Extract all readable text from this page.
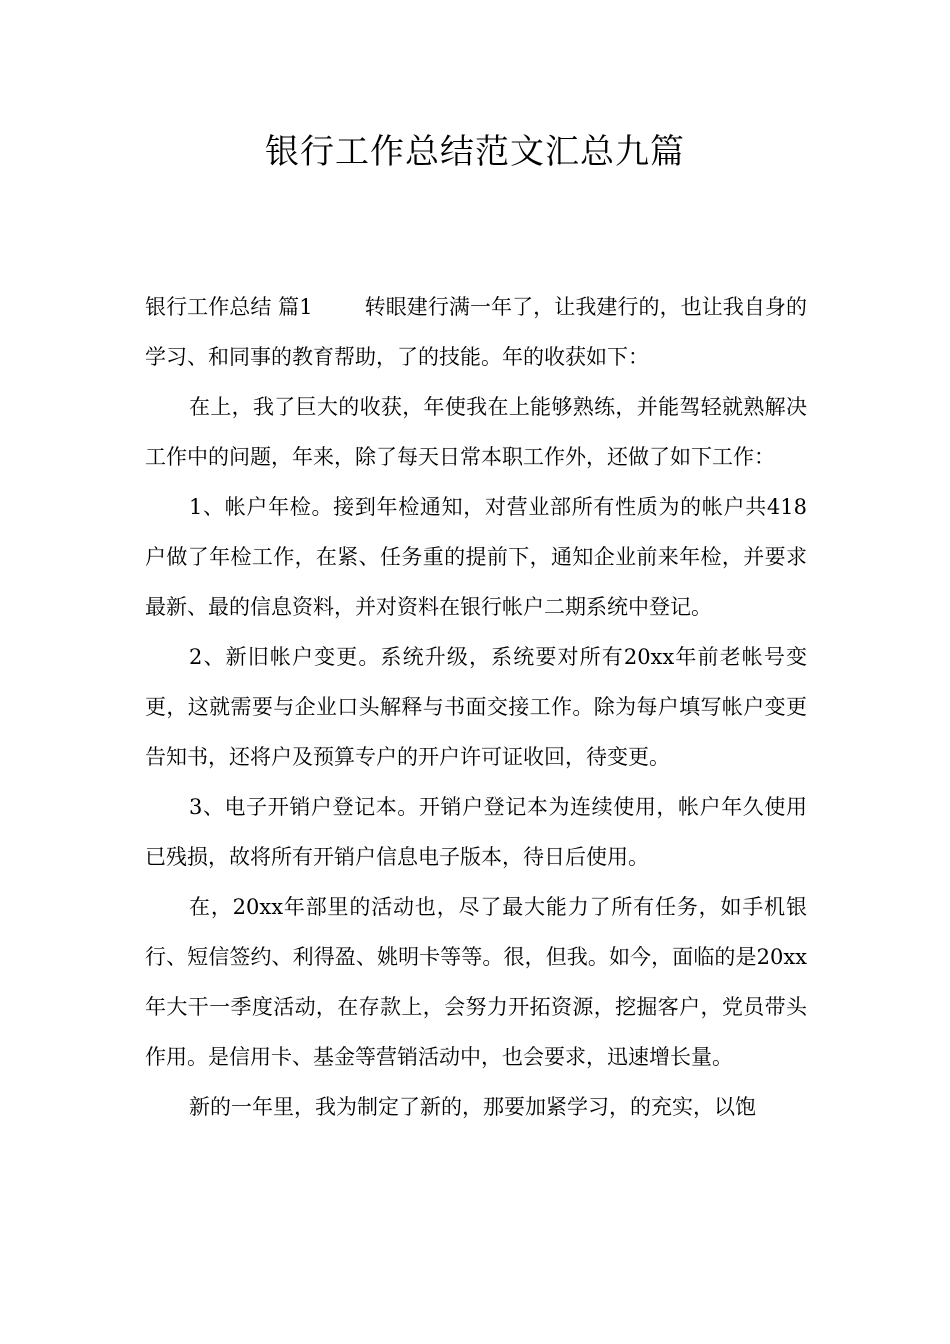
银行工作总结范文汇总九篇

银行工作总结 篇1 转眼建行满一年了，让我建行的，也让我自身的学习、和同事的教育帮助，了的技能。年的收获如下：

在上，我了巨大的收获，年使我在上能够熟练，并能驾轻就熟解决工作中的问题，年来，除了每天日常本职工作外，还做了如下工作：

1、帐户年检。接到年检通知，对营业部所有性质为的帐户共418户做了年检工作，在紧、任务重的提前下，通知企业前来年检，并要求最新、最的信息资料，并对资料在银行帐户二期系统中登记。

2、新旧帐户变更。系统升级，系统要对所有20xx年前老帐号变更，这就需要与企业口头解释与书面交接工作。除为每户填写帐户变更告知书，还将户及预算专户的开户许可证收回，待变更。

3、电子开销户登记本。开销户登记本为连续使用，帐户年久使用已残损，故将所有开销户信息电子版本，待日后使用。

在，20xx年部里的活动也，尽了最大能力了所有任务，如手机银行、短信签约、利得盈、姚明卡等等。很，但我。如今，面临的是20xx年大干一季度活动，在存款上，会努力开拓资源，挖掘客户，党员带头作用。是信用卡、基金等营销活动中，也会要求，迅速增长量。

新的一年里，我为制定了新的，那要加紧学习，的充实，以饱
